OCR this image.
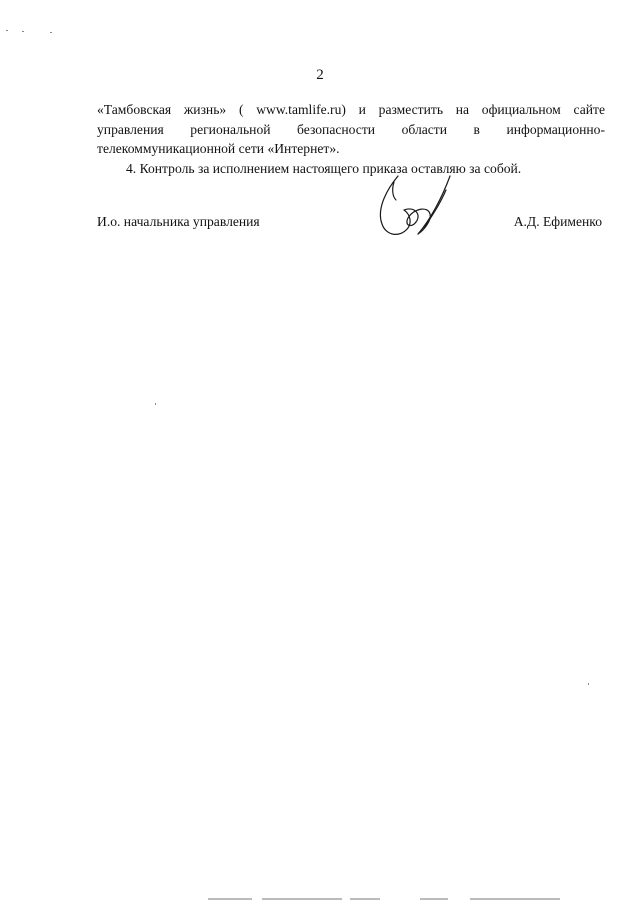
2

«Тамбовская жизнь» ( www.tamlife.ru) и разместить на официальном сайте
управления региональной безопасности области в информационно-
телекоммуникационной сети «Интернет».

4. Контроль за исполнением настоящего приказа оставляю за собой.

И.о. начальника управления	А.Д. Ефименко
